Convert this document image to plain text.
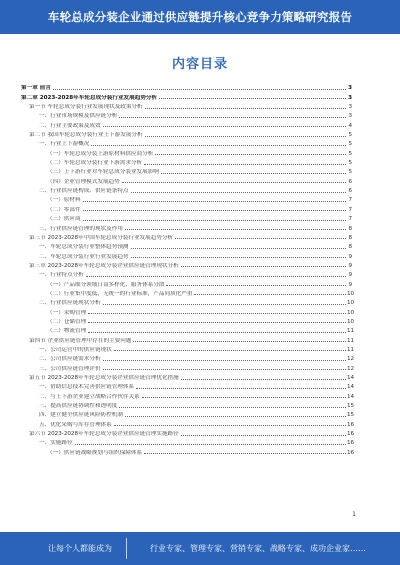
车轮总成分装企业通过供应链提升核心竞争力策略研究报告
内容目录
第一章 前言	3
第二章 2023-2028年车轮总成分装行业发展趋势分析	3
第一节 车轮总成分装行业发展现状及政策分析	3
一、行业市场规模及供应链分析	3
二、行业主要政策及成效	4
第二节 我国车轮总成分装行业上下游发展分析	5
一、行业上下游概况	5
（一）车轮总成分装上游原材料供应商分析	5
（二）车轮总成分装行业下游需求分析	5
（三）上下游行业对车轮总成分装业发展影响	5
（四）企业管理模式发展趋势	6
二、行业供应链构成、供应链条特点	6
（一）原材料	7
（二）零部件	7
（三）供应商	7
三、行业供应链管理的现状及作用	8
第三节 2023-2028年中国车轮总成分装行业发展趋势分析	8
一、车轮总成分装行业整体趋势预测	8
二、车轮总成分装行业行业发展趋势	9
第三章 2023-2028年车轮总成分装企业供应链管理现状分析	9
一、行业特点分析	9
（一）产品细分领域日益多样化、服务体系分散	9
（二）行业集中度低，无统一的行业标准，产品同质化严重	10
二、行业供应链现状分析	10
（一）采购管理	10
（二）仓储管理	10
（三）物流管理	11
第四节 企业供应链管理中存在的主要问题	11
一、公司运营中的供应链现状	11
二、公司供应链需求分析	12
三、公司供应链管理评价	12
第五节 2023-2028年车轮总成分装企业供应链管理优化措施	14
一、借助信息技术完善供应链管理体系	14
二、与上下游企业建立战略合作伙伴关系	14
三、提高供应链协调性和透明度	15
四、建立健全供应链风险防控机制	15
五、优化采购与库存管理体系	16
第六节 2023-2028年车轮总成分装企业供应链管理实施路径	16
一、实施路径	16
（一）供应链战略规划与组织保障体系	16
1
让每个人都能成为	行业专家、管理专家、营销专家、战略专家、成功企业家……
